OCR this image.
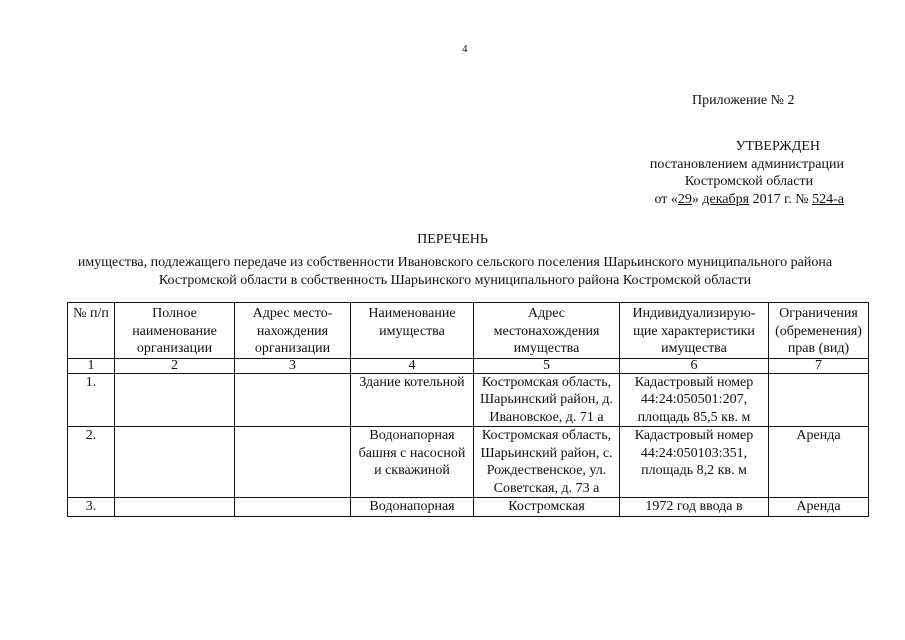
4
Приложение № 2
УТВЕРЖДЕН
постановлением администрации
Костромской области
от «29» декабря 2017 г. № 524-а
ПЕРЕЧЕНЬ
имущества, подлежащего передаче из собственности Ивановского сельского поселения Шарьинского муниципального района Костромской области в собственность Шарьинского муниципального района Костромской области
№ п/п	Полное наименование организации	Адрес место-нахождения организации	Наименование имущества	Адрес местонахождения имущества	Индивидуализирую-щие характеристики имущества	Ограничения (обременения) прав (вид)
1	2	3	4	5	6	7
1.			Здание котельной	Костромская область, Шарьинский район, д. Ивановское, д. 71 а	Кадастровый номер 44:24:050501:207, площадь 85,5 кв. м	
2.			Водонапорная башня с насосной и скважиной	Костромская область, Шарьинский район, с. Рождественское, ул. Советская, д. 73 а	Кадастровый номер 44:24:050103:351, площадь 8,2 кв. м	Аренда
3.			Водонапорная	Костромская	1972 год ввода в	Аренда
